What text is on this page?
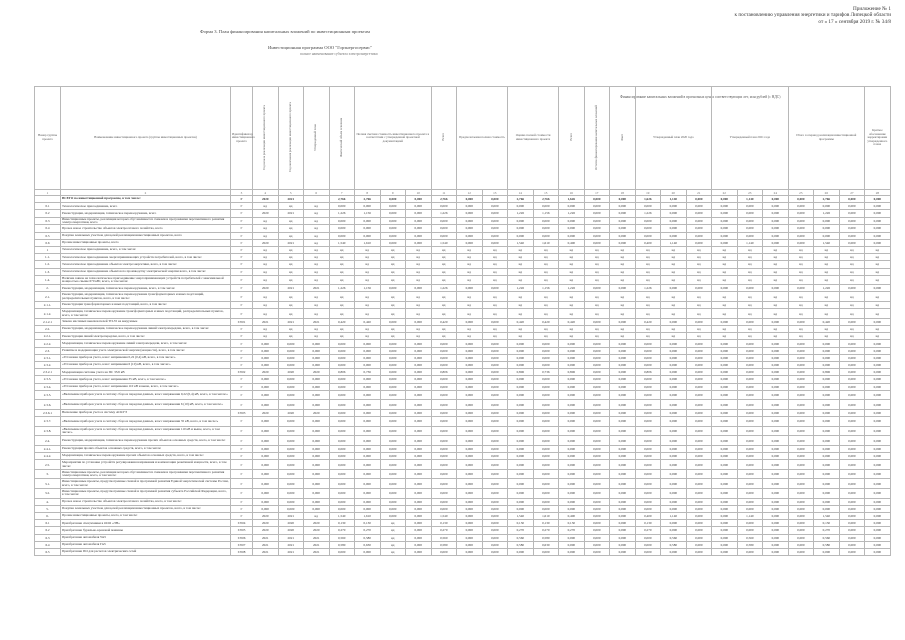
Приложение № 1
к постановлению управления энергетики и тарифов Липецкой области
от « 17 » сентября 2019 г. № 34/8
Форма 3. План финансирования капитальных вложений по инвестиционным проектам
Инвестиционная программа ООО "Горэнергосервис"
полное наименование субъекта электроэнергетики
Финансирование капитальных вложений в прогнозных ценах соответствующих лет, млн рублей (с НДС)
Номер группы проекта	Наименование инвестиционного проекта (группы инвестиционных проектов)	Идентификатор инвестиционного проекта	Год начала реализации инвестиционного проекта	Год окончания реализации инвестиционного проекта	Утвержденный план	Фактический объем освоения	Полная сметная стоимость инвестиционного проекта в соответствии с утвержденной проектной документацией			Всего	Предполагаемая полная стоимость		Оценка полной стоимости инвестиционного проекта		Всего	Остаток финансирования капитальных вложений	Факт	Утвержденный план 2020 года			Утвержденный план 2021 года			Итого за период реализации инвестиционной программы			Краткое обоснование корректировки утвержденного плана
1	2	3	4	5	6	7	8	9	10	11	12	13	14	15	16	17	18	19	20	21	22	23	24	25	26	27	28
	ВСЕГО по инвестиционной программе, в том числе:	Г	2020	2021		2,766	2,766	0,000	0,000	2,766	0,000	0,000	2,766	2,766	1,626	0,000	0,000	1,626	1,140	0,000	0,000	1,140	0,000	0,000	2,766	0,000	0,000
0.1	Технологическое присоединение, всего	Г	нд	нд	нд	0,000	0,000	0,000	0,000	0,000	0,000	0,000	0,000	0,000	0,000	0,000	0,000	0,000	0,000	0,000	0,000	0,000	0,000	0,000	0,000	0,000	0,000
0.2	Реконструкция, модернизация, техническое перевооружение, всего	Г	2020	2021	нд	1,226	1,156	0,000	0,000	1,226	0,000	0,000	1,226	1,156	1,226	0,000	0,000	1,226	0,000	0,000	0,000	0,000	0,000	0,000	1,226	0,000	0,000
0.3	Инвестиционные проекты, реализация которых обуславливается схемами и программами перспективного развития электроэнергетики, всего	Г	нд	нд	нд	0,000	0,000	0,000	0,000	0,000	0,000	0,000	0,000	0,000	0,000	0,000	0,000	0,000	0,000	0,000	0,000	0,000	0,000	0,000	0,000	0,000	0,000
0.4	Прочее новое строительство объектов электросетевого хозяйства, всего	Г	нд	нд	нд	0,000	0,000	0,000	0,000	0,000	0,000	0,000	0,000	0,000	0,000	0,000	0,000	0,000	0,000	0,000	0,000	0,000	0,000	0,000	0,000	0,000	0,000
0.5	Покупка земельных участков для целей реализации инвестиционных проектов, всего	Г	нд	нд	нд	0,000	0,000	0,000	0,000	0,000	0,000	0,000	0,000	0,000	0,000	0,000	0,000	0,000	0,000	0,000	0,000	0,000	0,000	0,000	0,000	0,000	0,000
0.6	Прочие инвестиционные проекты, всего	Г	2020	2021	нд	1,540	1,610	0,000	0,000	1,540	0,000	0,000	1,540	1,610	0,400	0,000	0,000	0,400	1,140	0,000	0,000	1,140	0,000	0,000	1,540	0,000	0,000
1	Технологическое присоединение, всего, в том числе:	Г	нд	нд	нд	нд	нд	нд	нд	нд	нд	нд	нд	нд	нд	нд	нд	нд	нд	нд	нд	нд	нд	нд	нд	нд	нд
1.1.	Технологическое присоединение энергопринимающих устройств потребителей, всего, в том числе:	Г	нд	нд	нд	нд	нд	нд	нд	нд	нд	нд	нд	нд	нд	нд	нд	нд	нд	нд	нд	нд	нд	нд	нд	нд	нд
1.2.	Технологическое присоединение объектов электроэнергетики, всего, в том числе:	Г	нд	нд	нд	нд	нд	нд	нд	нд	нд	нд	нд	нд	нд	нд	нд	нд	нд	нд	нд	нд	нд	нд	нд	нд	нд
1.3.	Технологическое присоединение объектов по производству электрической энергии всего, в том числе:	Г	нд	нд	нд	нд	нд	нд	нд	нд	нд	нд	нд	нд	нд	нд	нд	нд	нд	нд	нд	нд	нд	нд	нд	нд	нд
1.4.	Наличие заявок на технологическое присоединение энергопринимающих устройств потребителей с максимальной мощностью свыше 670 кВт, всего, в том числе:	Г	нд	нд	нд	нд	нд	нд	нд	нд	нд	нд	нд	нд	нд	нд	нд	нд	нд	нд	нд	нд	нд	нд	нд	нд	нд
2.	Реконструкция, модернизация, техническое перевооружение, всего, в том числе:	Г	2020	2021	2021	1,226	1,156	0,000	0,000	1,226	0,000	0,000	1,226	1,156	1,226	0,000	0,000	1,226	0,000	0,000	0,000	0,000	0,000	0,000	1,226	0,000	0,000
2.1.	Реконструкция, модернизация, техническое перевооружение трансформаторных и иных подстанций, распределительных пунктов, всего, в том числе:	Г	нд	нд	нд	нд	нд	нд	нд	нд	нд	нд	нд	нд	нд	нд	нд	нд	нд	нд	нд	нд	нд	нд	нд	нд	нд
2.1.1.	Реконструкция трансформаторных и иных подстанций, всего, в том числе:	Г	нд	нд	нд	нд	нд	нд	нд	нд	нд	нд	нд	нд	нд	нд	нд	нд	нд	нд	нд	нд	нд	нд	нд	нд	нд
2.1.2.	Модернизация, техническое перевооружение трансформаторных и иных подстанций, распределительных пунктов, всего, в том числе:	Г	нд	нд	нд	нд	нд	нд	нд	нд	нд	нд	нд	нд	нд	нд	нд	нд	нд	нд	нд	нд	нд	нд	нд	нд	нд
2.1.2.1	Замена масляных выключателей ТП-35 на вакуумные	Г/001	2021	2021	2021	0,420	0,420	0,000	0,000	0,420	0,000	0,000	0,420	0,420	0,420	0,000	0,000	0,420	0,000	0,000	0,000	0,000	0,000	0,000	0,420	0,000	0,000
2.2.	Реконструкция, модернизация, техническое перевооружение линий электропередачи, всего, в том числе:	Г	нд	нд	нд	нд	нд	нд	нд	нд	нд	нд	нд	нд	нд	нд	нд	нд	нд	нд	нд	нд	нд	нд	нд	нд	нд
2.2.1.	Реконструкция линий электропередачи, всего, в том числе:	Г	нд	нд	нд	нд	нд	нд	нд	нд	нд	нд	нд	нд	нд	нд	нд	нд	нд	нд	нд	нд	нд	нд	нд	нд	нд
2.2.2.	Модернизация, техническое перевооружение линий электропередачи, всего, в том числе:	Г	0,000	0,000	0,000	0,000	0,000	0,000	0,000	0,000	0,000	0,000	0,000	0,000	0,000	0,000	0,000	0,000	0,000	0,000	0,000	0,000	0,000	0,000	0,000	0,000	0,000
2.3.	Развитие и модернизация учета электрической энергии (мощности), всего, в том числе:	Г	0,000	0,000	0,000	0,000	0,000	0,000	0,000	0,000	0,000	0,000	0,000	0,000	0,000	0,000	0,000	0,000	0,000	0,000	0,000	0,000	0,000	0,000	0,000	0,000	0,000
2.3.1.	«Установка приборов учета, класс напряжения 0,22 (0,4) кВ, всего, в том числе:»	Г	0,000	0,000	0,000	0,000	0,000	0,000	0,000	0,000	0,000	0,000	0,000	0,000	0,000	0,000	0,000	0,000	0,000	0,000	0,000	0,000	0,000	0,000	0,000	0,000	0,000
2.3.2.	«Установка приборов учета, класс напряжения 6 (10) кВ, всего, в том числе:»	Г	0,000	0,000	0,000	0,000	0,000	0,000	0,000	0,000	0,000	0,000	0,000	0,000	0,000	0,000	0,000	0,000	0,000	0,000	0,000	0,000	0,000	0,000	0,000	0,000	0,000
2.3.2.1	Модернизация системы учета на ПС 35/6 кВ	Г/002	2020	2020	2020	0,806	0,736	0,000	0,000	0,806	0,000	0,000	0,806	0,736	0,806	0,000	0,000	0,806	0,000	0,000	0,000	0,000	0,000	0,000	0,806	0,000	0,000
2.3.3.	«Установка приборов учета, класс напряжения 35 кВ, всего, в том числе:»	Г	0,000	0,000	0,000	0,000	0,000	0,000	0,000	0,000	0,000	0,000	0,000	0,000	0,000	0,000	0,000	0,000	0,000	0,000	0,000	0,000	0,000	0,000	0,000	0,000	0,000
2.3.4.	«Установка приборов учета, класс напряжения 110 кВ и выше, всего, в том числе:»	Г	0,000	0,000	0,000	0,000	0,000	0,000	0,000	0,000	0,000	0,000	0,000	0,000	0,000	0,000	0,000	0,000	0,000	0,000	0,000	0,000	0,000	0,000	0,000	0,000	0,000
2.3.5.	«Включение приборов учета в систему сбора и передачи данных, класс напряжения 0,22 (0,4) кВ, всего, в том числе:»	Г	0,000	0,000	0,000	0,000	0,000	0,000	0,000	0,000	0,000	0,000	0,000	0,000	0,000	0,000	0,000	0,000	0,000	0,000	0,000	0,000	0,000	0,000	0,000	0,000	0,000
2.3.6.	«Включение приборов учета в систему сбора и передачи данных, класс напряжения 6 (10) кВ, всего, в том числе:»	Г	0,000	0,000	0,000	0,000	0,000	0,000	0,000	0,000	0,000	0,000	0,000	0,000	0,000	0,000	0,000	0,000	0,000	0,000	0,000	0,000	0,000	0,000	0,000	0,000	0,000
2.3.6.1	Включение приборов учета в систему АСКУЭ	Г/003	2020	2020	2020	0,000	0,000	0,000	0,000	0,000	0,000	0,000	0,000	0,000	0,000	0,000	0,000	0,000	0,000	0,000	0,000	0,000	0,000	0,000	0,000	0,000	0,000
2.3.7.	«Включение приборов учета в систему сбора и передачи данных, класс напряжения 35 кВ, всего, в том числе:»	Г	0,000	0,000	0,000	0,000	0,000	0,000	0,000	0,000	0,000	0,000	0,000	0,000	0,000	0,000	0,000	0,000	0,000	0,000	0,000	0,000	0,000	0,000	0,000	0,000	0,000
2.3.8.	«Включение приборов учета в систему сбора и передачи данных, класс напряжения 110 кВ и выше, всего, в том числе:»	Г	0,000	0,000	0,000	0,000	0,000	0,000	0,000	0,000	0,000	0,000	0,000	0,000	0,000	0,000	0,000	0,000	0,000	0,000	0,000	0,000	0,000	0,000	0,000	0,000	0,000
2.4.	Реконструкция, модернизация, техническое перевооружение прочих объектов основных средств, всего, в том числе:	Г	0,000	0,000	0,000	0,000	0,000	0,000	0,000	0,000	0,000	0,000	0,000	0,000	0,000	0,000	0,000	0,000	0,000	0,000	0,000	0,000	0,000	0,000	0,000	0,000	0,000
2.4.1.	Реконструкция прочих объектов основных средств, всего, в том числе:	Г	0,000	0,000	0,000	0,000	0,000	0,000	0,000	0,000	0,000	0,000	0,000	0,000	0,000	0,000	0,000	0,000	0,000	0,000	0,000	0,000	0,000	0,000	0,000	0,000	0,000
2.4.2.	Модернизация, техническое перевооружение прочих объектов основных средств, всего, в том числе:	Г	0,000	0,000	0,000	0,000	0,000	0,000	0,000	0,000	0,000	0,000	0,000	0,000	0,000	0,000	0,000	0,000	0,000	0,000	0,000	0,000	0,000	0,000	0,000	0,000	0,000
2.5.	Мероприятия по установке устройств регулирования напряжения и компенсации реактивной мощности, всего, в том числе:	Г	0,000	0,000	0,000	0,000	0,000	0,000	0,000	0,000	0,000	0,000	0,000	0,000	0,000	0,000	0,000	0,000	0,000	0,000	0,000	0,000	0,000	0,000	0,000	0,000	0,000
3.	Инвестиционные проекты, реализация которых обуславливается схемами и программами перспективного развития электроэнергетики, всего, в том числе:	Г	0,000	0,000	0,000	0,000	0,000	0,000	0,000	0,000	0,000	0,000	0,000	0,000	0,000	0,000	0,000	0,000	0,000	0,000	0,000	0,000	0,000	0,000	0,000	0,000	0,000
3.1.	Инвестиционные проекты, предусмотренные схемой и программой развития Единой энергетической системы России, всего, в том числе:	Г	0,000	0,000	0,000	0,000	0,000	0,000	0,000	0,000	0,000	0,000	0,000	0,000	0,000	0,000	0,000	0,000	0,000	0,000	0,000	0,000	0,000	0,000	0,000	0,000	0,000
3.2.	Инвестиционные проекты, предусмотренные схемой и программой развития субъекта Российской Федерации, всего, в том числе:	Г	0,000	0,000	0,000	0,000	0,000	0,000	0,000	0,000	0,000	0,000	0,000	0,000	0,000	0,000	0,000	0,000	0,000	0,000	0,000	0,000	0,000	0,000	0,000	0,000	0,000
4.	Прочее новое строительство объектов электросетевого хозяйства, всего, в том числе:	Г	0,000	0,000	0,000	0,000	0,000	0,000	0,000	0,000	0,000	0,000	0,000	0,000	0,000	0,000	0,000	0,000	0,000	0,000	0,000	0,000	0,000	0,000	0,000	0,000	0,000
5.	Покупка земельных участков для целей реализации инвестиционных проектов, всего, в том числе:	Г	0,000	0,000	0,000	0,000	0,000	0,000	0,000	0,000	0,000	0,000	0,000	0,000	0,000	0,000	0,000	0,000	0,000	0,000	0,000	0,000	0,000	0,000	0,000	0,000	0,000
6.	Прочие инвестиционные проекты, всего, в том числе:	Г	2020	2021	нд	1,540	1,610	0,000	0,000	1,540	0,000	0,000	1,540	1,610	0,400	0,000	0,000	0,400	1,140	0,000	0,000	1,140	0,000	0,000	1,540	0,000	0,000
6.1	Приобретение спецтехники в ООО «ЭН»	Г/004	2020	2020	2020	0,130	0,130	нд	0,000	0,130	0,000	0,000	0,130	0,130	0,130	0,000	0,000	0,130	0,000	0,000	0,000	0,000	0,000	0,000	0,130	0,000	0,000
6.2	Приобретение бурильно-крановой машины	Г/005	2020	2020	2020	0,270	0,270	нд	0,000	0,270	0,000	0,000	0,270	0,270	0,270	0,000	0,000	0,270	0,000	0,000	0,000	0,000	0,000	0,000	0,270	0,000	0,000
6.3	Приобретение автомобиля УАЗ	Г/006	2021	2021	2021	0,560	0,580	нд	0,000	0,560	0,000	0,000	0,560	0,580	0,000	0,000	0,000	0,000	0,560	0,000	0,000	0,560	0,000	0,000	0,560	0,000	0,000
6.4	Приобретение автомобиля ГАЗ	Г/007	2021	2021	2021	0,580	0,630	нд	0,000	0,580	0,000	0,000	0,580	0,630	0,000	0,000	0,000	0,000	0,580	0,000	0,000	0,580	0,000	0,000	0,580	0,000	0,000
6.5	Приобретение ПО для расчетов электрических сетей	Г/008	2021	2021	2021	0,000	0,000	нд	0,000	0,000	0,000	0,000	0,000	0,000	0,000	0,000	0,000	0,000	0,000	0,000	0,000	0,000	0,000	0,000	0,000	0,000	0,000
